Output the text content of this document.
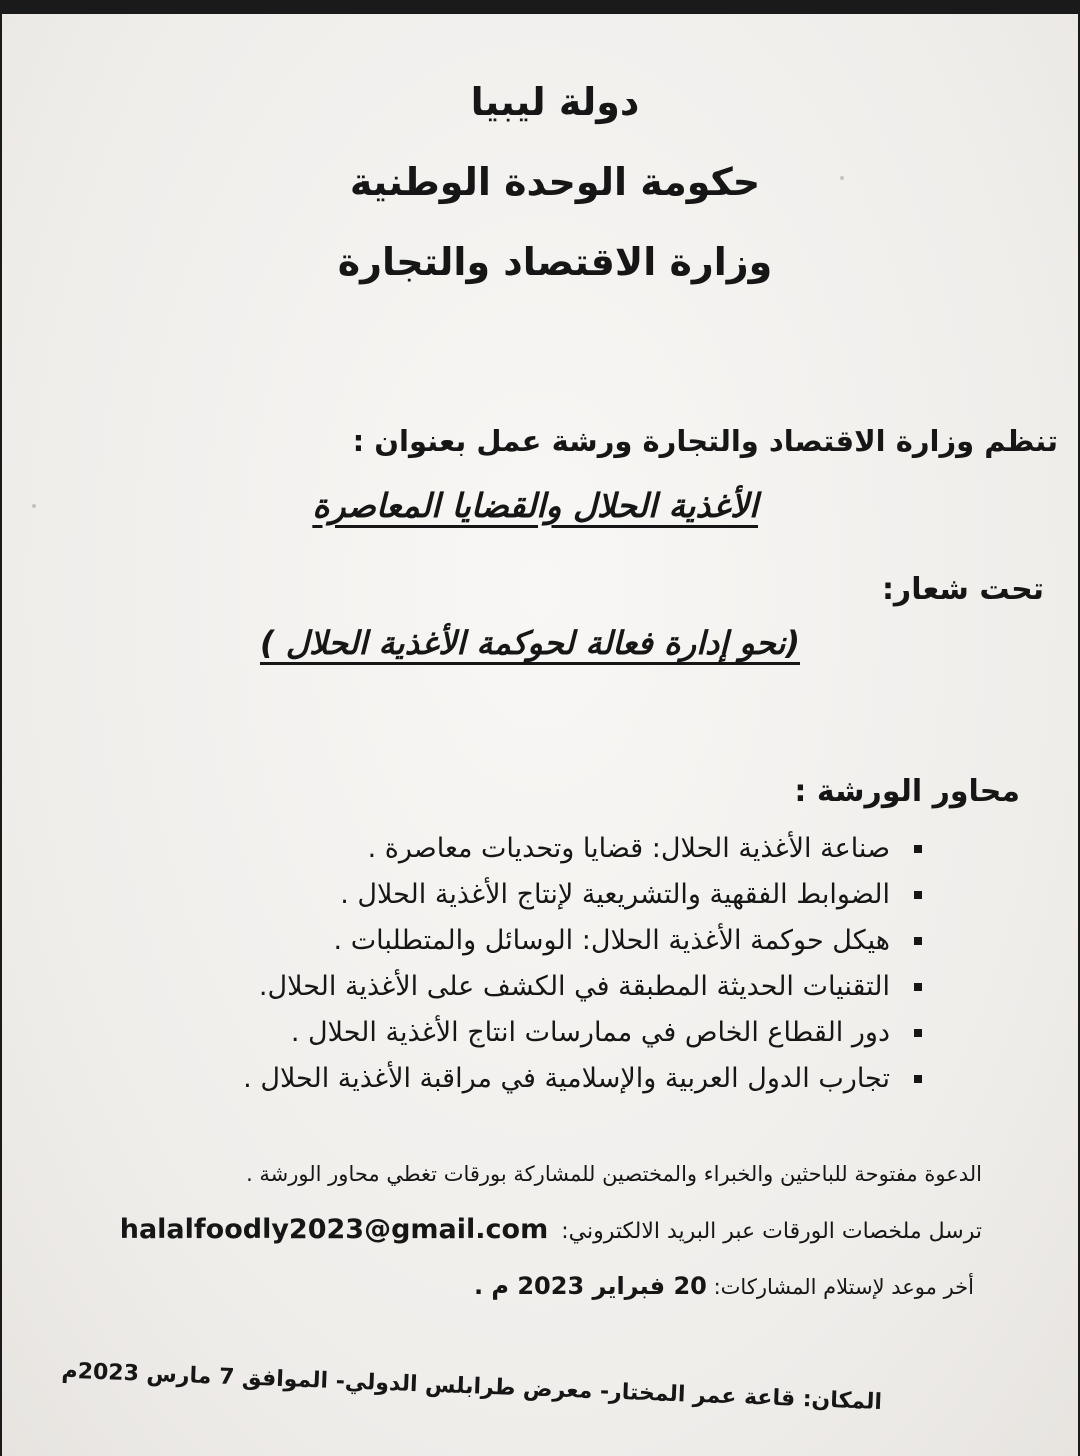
دولة ليبيا
حكومة الوحدة الوطنية
وزارة الاقتصاد والتجارة
تنظم وزارة الاقتصاد والتجارة ورشة عمل بعنوان :
الأغذية الحلال والقضايا المعاصرة
تحت شعار:
(نحو إدارة فعالة لحوكمة الأغذية الحلال )
محاور الورشة :
صناعة الأغذية الحلال: قضايا وتحديات معاصرة .
الضوابط الفقهية والتشريعية لإنتاج الأغذية الحلال .
هيكل حوكمة الأغذية الحلال: الوسائل والمتطلبات .
التقنيات الحديثة المطبقة في الكشف على الأغذية الحلال.
دور القطاع الخاص في ممارسات انتاج الأغذية الحلال .
تجارب الدول العربية والإسلامية في مراقبة الأغذية الحلال .
الدعوة مفتوحة للباحثين والخبراء والمختصين للمشاركة بورقات تغطي محاور الورشة .
ترسل ملخصات الورقات عبر البريد الالكتروني: halalfoodly2023@gmail.com
أخر موعد لإستلام المشاركات: 20 فبراير 2023 م .
المكان: قاعة عمر المختار- معرض طرابلس الدولي- الموافق 7 مارس 2023م
